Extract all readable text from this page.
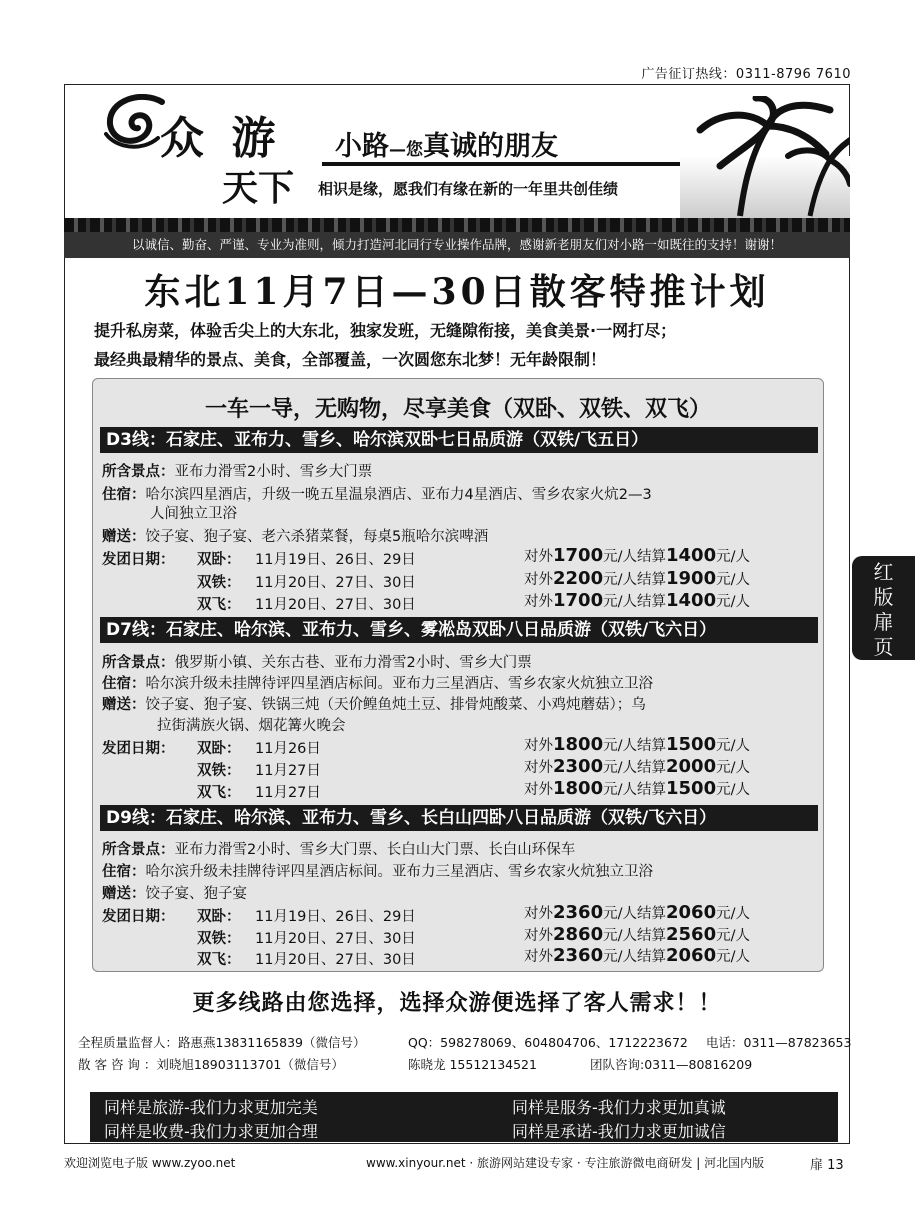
广告征订热线：0311-8796 7610
众 游
天下
小路—您真诚的朋友
相识是缘，愿我们有缘在新的一年里共创佳绩
以诚信、勤奋、严谨、专业为准则，倾力打造河北同行专业操作品牌，感谢新老朋友们对小路一如既往的支持！谢谢！
东北11月7日—30日散客特推计划
提升私房菜，体验舌尖上的大东北，独家发班，无缝隙衔接，美食美景·一网打尽；
最经典最精华的景点、美食，全部覆盖，一次圆您东北梦！无年龄限制！
一车一导，无购物，尽享美食（双卧、双铁、双飞）
D3线：石家庄、亚布力、雪乡、哈尔滨双卧七日品质游（双铁/飞五日）
所含景点：亚布力滑雪2小时、雪乡大门票
住宿：哈尔滨四星酒店，升级一晚五星温泉酒店、亚布力4星酒店、雪乡农家火炕2—3
人间独立卫浴
赠送：饺子宴、狍子宴、老六杀猪菜餐，每桌5瓶哈尔滨啤酒
发团日期： 双卧： 11月19日、26日、29日	对外1700元/人结算1400元/人
双铁： 11月20日、27日、30日	对外2200元/人结算1900元/人
双飞： 11月20日、27日、30日	对外1700元/人结算1400元/人
D7线：石家庄、哈尔滨、亚布力、雪乡、雾凇岛双卧八日品质游（双铁/飞六日）
所含景点：俄罗斯小镇、关东古巷、亚布力滑雪2小时、雪乡大门票
住宿：哈尔滨升级未挂牌待评四星酒店标间。亚布力三星酒店、雪乡农家火炕独立卫浴
赠送：饺子宴、狍子宴、铁锅三炖（天价鳇鱼炖土豆、排骨炖酸菜、小鸡炖蘑菇）；乌
拉街满族火锅、烟花篝火晚会
发团日期： 双卧： 11月26日	对外1800元/人结算1500元/人
双铁： 11月27日	对外2300元/人结算2000元/人
双飞： 11月27日	对外1800元/人结算1500元/人
D9线：石家庄、哈尔滨、亚布力、雪乡、长白山四卧八日品质游（双铁/飞六日）
所含景点：亚布力滑雪2小时、雪乡大门票、长白山大门票、长白山环保车
住宿：哈尔滨升级未挂牌待评四星酒店标间。亚布力三星酒店、雪乡农家火炕独立卫浴
赠送：饺子宴、狍子宴
发团日期： 双卧： 11月19日、26日、29日	对外2360元/人结算2060元/人
双铁： 11月20日、27日、30日	对外2860元/人结算2560元/人
双飞： 11月20日、27日、30日	对外2360元/人结算2060元/人
更多线路由您选择，选择众游便选择了客人需求！！
全程质量监督人：路惠燕13831165839（微信号）	QQ：598278069、604804706、1712223672 电话：0311—87823653
散 客 咨 询 ：刘晓旭18903113701（微信号）	陈晓龙 15512134521	团队咨询:0311—80816209
同样是旅游-我们力求更加完美	同样是服务-我们力求更加真诚
同样是收费-我们力求更加合理	同样是承诺-我们力求更加诚信
红
版
扉
页
欢迎浏览电子版 www.zyoo.net	www.xinyour.net · 旅游网站建设专家 · 专注旅游微电商研发 | 河北国内版	扉 13
